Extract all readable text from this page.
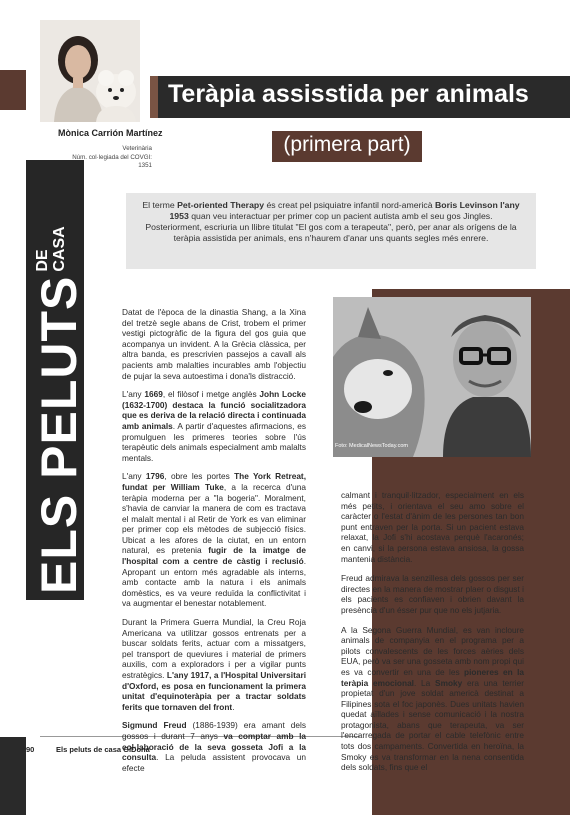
Mònica Carrión Martínez
Veterinària
Núm. col·legiada del COVGI: 1351
Teràpia assisstida per animals
(primera part)
ELS PELUTSDE
CASA

El terme Pet-oriented Therapy és creat pel psiquiatre infantil nord-americà Boris Levinson l'any 1953 quan veu interactuar per primer cop un pacient autista amb el seu gos Jingles. Posteriorment, escriuria un llibre titulat "El gos com a terapeuta", però, per anar als orígens de la teràpia assistida per animals, ens n'haurem d'anar uns quants segles més enrere.

Foto: MedicalNewsToday.com

Datat de l'època de la dinastia Shang, a la Xina del tretzè segle abans de Crist, trobem el primer vestigi pictogràfic de la figura del gos guia que acompanya un invident. A la Grècia clàssica, per altra banda, es prescrivien passejos a cavall als pacients amb malalties incurables amb l'objectiu de pujar la seva autoestima i dona'ls distracció.

L'any 1669, el filòsof i metge anglès John Locke (1632-1700) destaca la funció socialitzadora que es deriva de la relació directa i continuada amb animals. A partir d'aquestes afirmacions, es promulguen les primeres teories sobre l'ús terapèutic dels animals especialment amb malalts mentals.

L'any 1796, obre les portes The York Retreat, fundat per William Tuke, a la recerca d'una teràpia moderna per a "la bogeria". Moralment, s'havia de canviar la manera de com es tractava el malalt mental i al Retir de York es van eliminar per primer cop els mètodes de subjecció físics. Ubicat a les afores de la ciutat, en un entorn natural, es pretenia fugir de la imatge de l'hospital com a centre de càstig i reclusió. Apropant un entorn més agradable als interns, amb contacte amb la natura i els animals domèstics, es va veure reduïda la conflictivitat i va augmentar el benestar notablement.

Durant la Primera Guerra Mundial, la Creu Roja Americana va utilitzar gossos entrenats per a buscar soldats ferits, actuar com a missatgers, pel transport de queviures i material de primers auxilis, com a exploradors i per a vigilar punts estratègics. L'any 1917, a l'Hospital Universitari d'Oxford, es posa en funcionament la primera unitat d'equinoteràpia per a tractar soldats ferits que tornaven del front.

Sigmund Freud (1886-1939) era amant dels gossos i durant 7 anys va comptar amb la col·laboració de la seva gosseta Jofi a la consulta. La peluda assistent provocava un efecte

calmant i tranquil·litzador, especialment en els més petits, i orientava el seu amo sobre el caràcter o l'estat d'ànim de les persones tan bon punt entraven per la porta. Si un pacient estava relaxat, la Jofi s'hi acostava perquè l'acaronés; en canvi, si la persona estava ansiosa, la gossa mantenia distància.

Freud admirava la senzillesa dels gossos per ser directes en la manera de mostrar plaer o disgust i els pacients es confiaven i obrien davant la presència d'un ésser pur que no els jutjaria.

A la Segona Guerra Mundial, es van incloure animals de companyia en el programa per a pilots convalescents de les forces aèries dels EUA, però va ser una gosseta amb nom propi qui es va convertir en una de les pioneres en la teràpia emocional. La Smoky era una terrier propietat d'un jove soldat americà destinat a Filipines sota el foc japonès. Dues unitats havien quedat aïllades i sense comunicació i la nostra protagonista, abans que terapeuta, va ser l'encarregada de portar el cable telefònic entre tots dos campaments. Convertida en heroïna, la Smoky es va transformar en la nena consentida dels soldats, fins que el

90	Els peluts de casa GiDona
